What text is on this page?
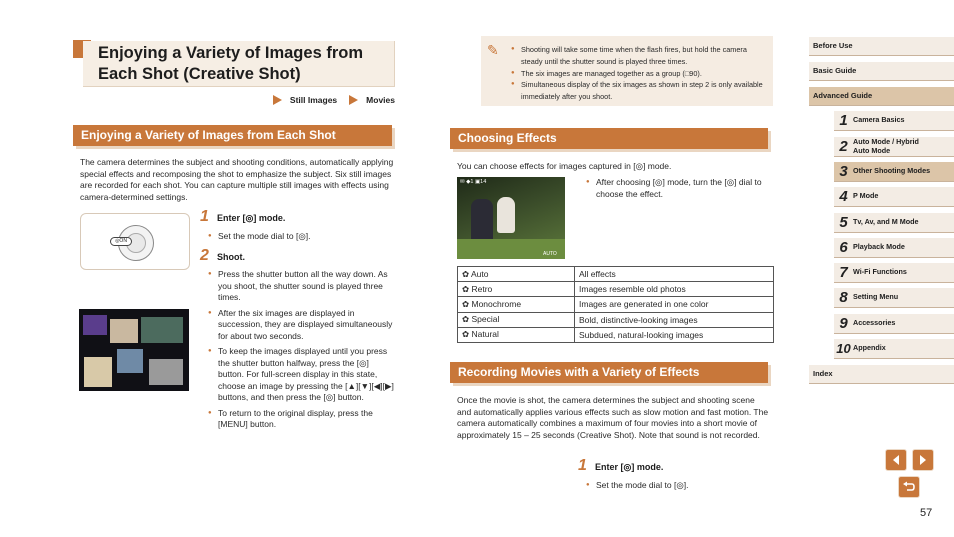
Enjoying a Variety of Images from Each Shot (Creative Shot)
Still Images	Movies
Enjoying a Variety of Images from Each Shot
The camera determines the subject and shooting conditions, automatically applying special effects and recomposing the shot to emphasize the subject. Six still images are recorded for each shot. You can capture multiple still images with effects using camera-determined settings.
◎ON
1 Enter [◎] mode.
● Set the mode dial to [◎].
2 Shoot.
● Press the shutter button all the way down. As you shoot, the shutter sound is played three times.
● After the six images are displayed in succession, they are displayed simultaneously for about two seconds.
● To keep the images displayed until you press the shutter button halfway, press the [◎] button. For full-screen display in this state, choose an image by pressing the [▲][▼][◀][▶] buttons, and then press the [◎] button.
● To return to the original display, press the [MENU] button.
✎	● Shooting will take some time when the flash fires, but hold the camera steady until the shutter sound is played three times.
● The six images are managed together as a group (□90).
● Simultaneous display of the six images as shown in step 2 is only available immediately after you shoot.
Choosing Effects
You can choose effects for images captured in [◎] mode.
✉ ◆1 ▣14
AUTO
● After choosing [◎] mode, turn the [◎] dial to choose the effect.
✿ Auto	All effects
✿ Retro	Images resemble old photos
✿ Monochrome	Images are generated in one color
✿ Special	Bold, distinctive-looking images
✿ Natural	Subdued, natural-looking images
Recording Movies with a Variety of Effects
Once the movie is shot, the camera determines the subject and shooting scene and automatically applies various effects such as slow motion and fast motion. The camera automatically combines a maximum of four movies into a short movie of approximately 15 – 25 seconds (Creative Shot). Note that sound is not recorded.
1 Enter [◎] mode.
● Set the mode dial to [◎].
Before Use
Basic Guide
Advanced Guide
1 Camera Basics
2 Auto Mode / Hybrid Auto Mode
3 Other Shooting Modes
4 P Mode
5 Tv, Av, and M Mode
6 Playback Mode
7 Wi-Fi Functions
8 Setting Menu
9 Accessories
10 Appendix
Index
57
